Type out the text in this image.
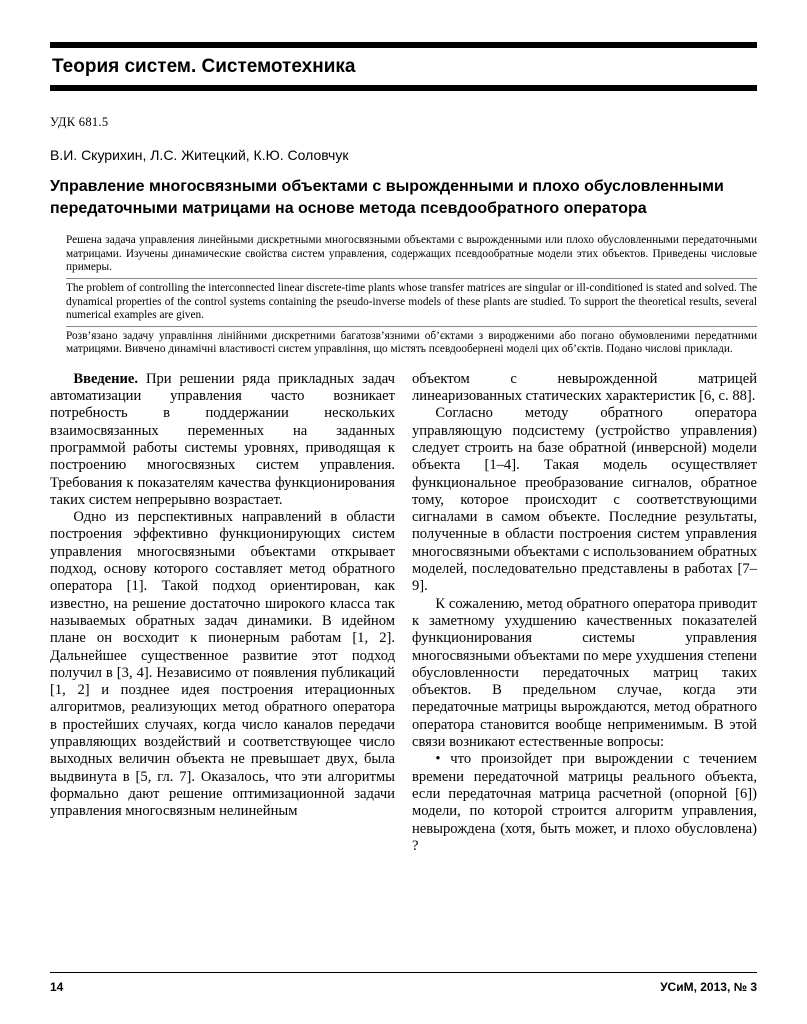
Теория систем. Системотехника
УДК 681.5
В.И. Скурихин, Л.С. Житецкий, К.Ю. Соловчук
Управление многосвязными объектами с вырожденными и плохо обусловленными передаточными матрицами на основе метода псевдообратного оператора
Решена задача управления линейными дискретными многосвязными объектами с вырожденными или плохо обусловленными передаточными матрицами. Изучены динамические свойства систем управления, содержащих псевдообратные модели этих объектов. Приведены числовые примеры.
The problem of controlling the interconnected linear discrete-time plants whose transfer matrices are singular or ill-conditioned is stated and solved. The dynamical properties of the control systems containing the pseudo-inverse models of these plants are studied. To support the theoretical results, several numerical examples are given.
Розв’язано задачу управління лінійними дискретними багатозв’язними об’єктами з виродженими або погано обумовленими передатними матрицями. Вивчено динамічні властивості систем управління, що містять псевдообернені моделі цих об’єктів. Подано числові приклади.

Введение. При решении ряда прикладных задач автоматизации управления часто возникает потребность в поддержании нескольких взаимосвязанных переменных на заданных программой работы системы уровнях, приводящая к построению многосвязных систем управления. Требования к показателям качества функционирования таких систем непрерывно возрастает.

Одно из перспективных направлений в области построения эффективно функционирующих систем управления многосвязными объектами открывает подход, основу которого составляет метод обратного оператора [1]. Такой подход ориентирован, как известно, на решение достаточно широкого класса так называемых обратных задач динамики. В идейном плане он восходит к пионерным работам [1, 2]. Дальнейшее существенное развитие этот подход получил в [3, 4]. Независимо от появления публикаций [1, 2] и позднее идея построения итерационных алгоритмов, реализующих метод обратного оператора в простейших случаях, когда число каналов передачи управляющих воздействий и соответствующее число выходных величин объекта не превышает двух, была выдвинута в [5, гл. 7]. Оказалось, что эти алгоритмы формально дают решение оптимизационной задачи управления многосвязным нелинейным

объектом с невырожденной матрицей линеаризованных статических характеристик [6, с. 88].

Согласно методу обратного оператора управляющую подсистему (устройство управления) следует строить на базе обратной (инверсной) модели объекта [1–4]. Такая модель осуществляет функциональное преобразование сигналов, обратное тому, которое происходит с соответствующими сигналами в самом объекте. Последние результаты, полученные в области построения систем управления многосвязными объектами с использованием обратных моделей, последовательно представлены в работах [7–9].

К сожалению, метод обратного оператора приводит к заметному ухудшению качественных показателей функционирования системы управления многосвязными объектами по мере ухудшения степени обусловленности передаточных матриц таких объектов. В предельном случае, когда эти передаточные матрицы вырождаются, метод обратного оператора становится вообще неприменимым. В этой связи возникают естественные вопросы:

• что произойдет при вырождении с течением времени передаточной матрицы реального объекта, если передаточная матрица расчетной (опорной [6]) модели, по которой строится алгоритм управления, невырождена (хотя, быть может, и плохо обусловлена) ?

14	УСиМ, 2013, № 3
